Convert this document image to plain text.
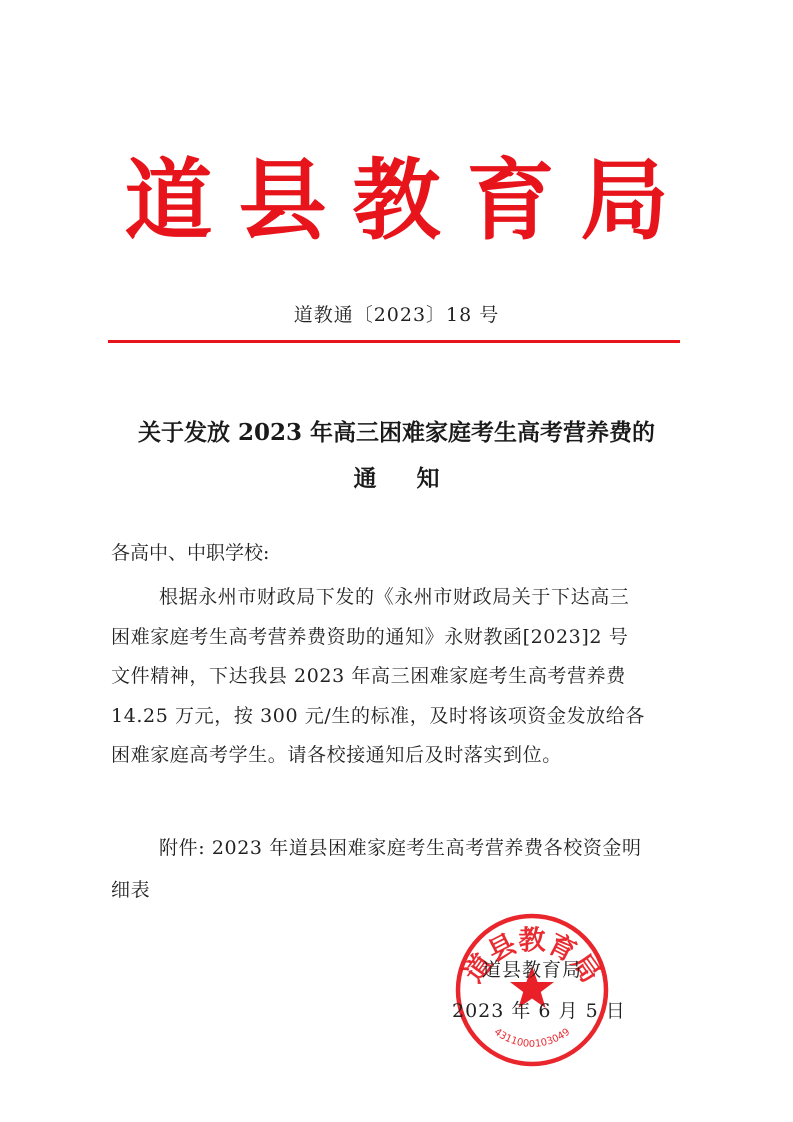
道县教育局
道教通〔2023〕18 号
关于发放 2023 年高三困难家庭考生高考营养费的
通知
各高中、中职学校:
根据永州市财政局下发的《永州市财政局关于下达高三
困难家庭考生高考营养费资助的通知》永财教函[2023]2 号
文件精神，下达我县 2023 年高三困难家庭考生高考营养费
14.25 万元，按 300 元/生的标准，及时将该项资金发放给各
困难家庭高考学生。请各校接通知后及时落实到位。
附件: 2023 年道县困难家庭考生高考营养费各校资金明
细表
道县教育局
4311000103049
道县教育局
2023 年 6 月 5 日
